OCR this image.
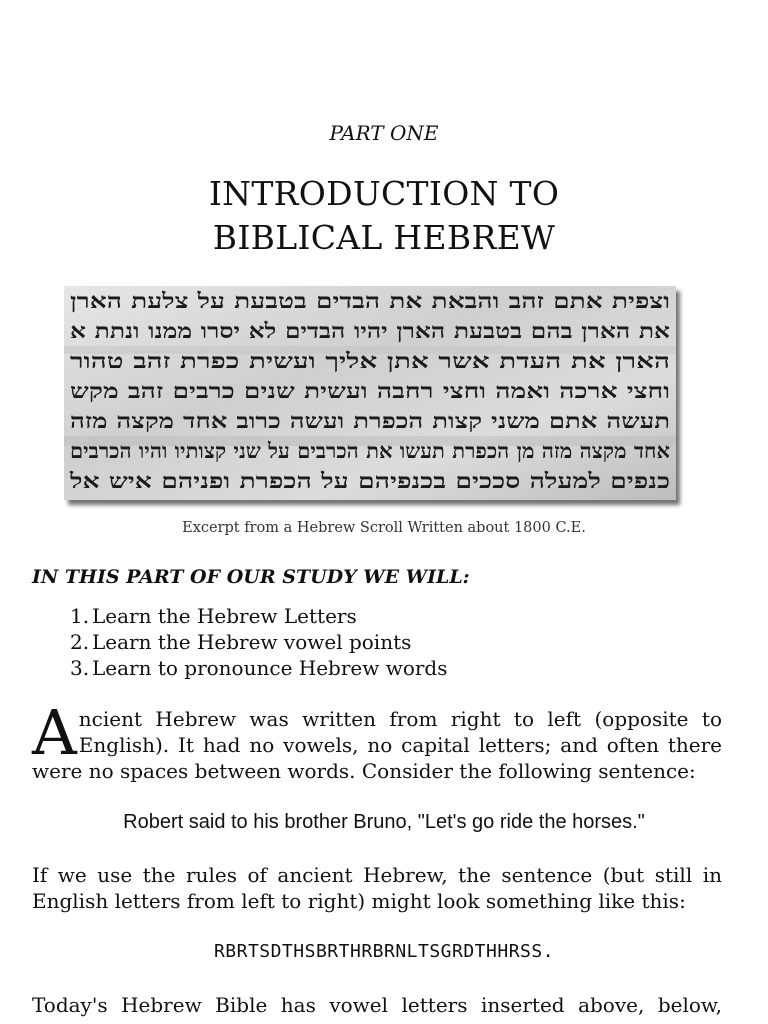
PART ONE
INTRODUCTION TO
BIBLICAL HEBREW
וצפית אתם זהב והבאת את הבדים בטבעת על צלעת הארן
את הארן בהם בטבעת הארן יהיו הבדים לא יסרו ממנו ונתת א
הארן את העדת אשר אתן אליך ועשית כפרת זהב טהור
וחצי ארכה ואמה וחצי רחבה ועשית שנים כרבים זהב מקש
תעשה אתם משני קצות הכפרת ועשה כרוב אחד מקצה מזה
אחד מקצה מזה מן הכפרת תעשו את הכרבים על שני קצותיו והיו הכרבים
כנפים למעלה סככים בכנפיהם על הכפרת ופניהם איש אל
Excerpt from a Hebrew Scroll Written about 1800 C.E.
IN THIS PART OF OUR STUDY WE WILL:
1. Learn the Hebrew Letters
2. Learn the Hebrew vowel points
3. Learn to pronounce Hebrew words
A ncient Hebrew was written from right to left (opposite to
English). It had no vowels, no capital letters; and often there
were no spaces between words. Consider the following sentence:
Robert said to his brother Bruno, "Let's go ride the horses."
If we use the rules of ancient Hebrew, the sentence (but still in
English letters from left to right) might look something like this:
RBRTSDTHSBRTHRBRNLTSGRDTHHRSS.
Today's Hebrew Bible has vowel letters inserted above, below,
